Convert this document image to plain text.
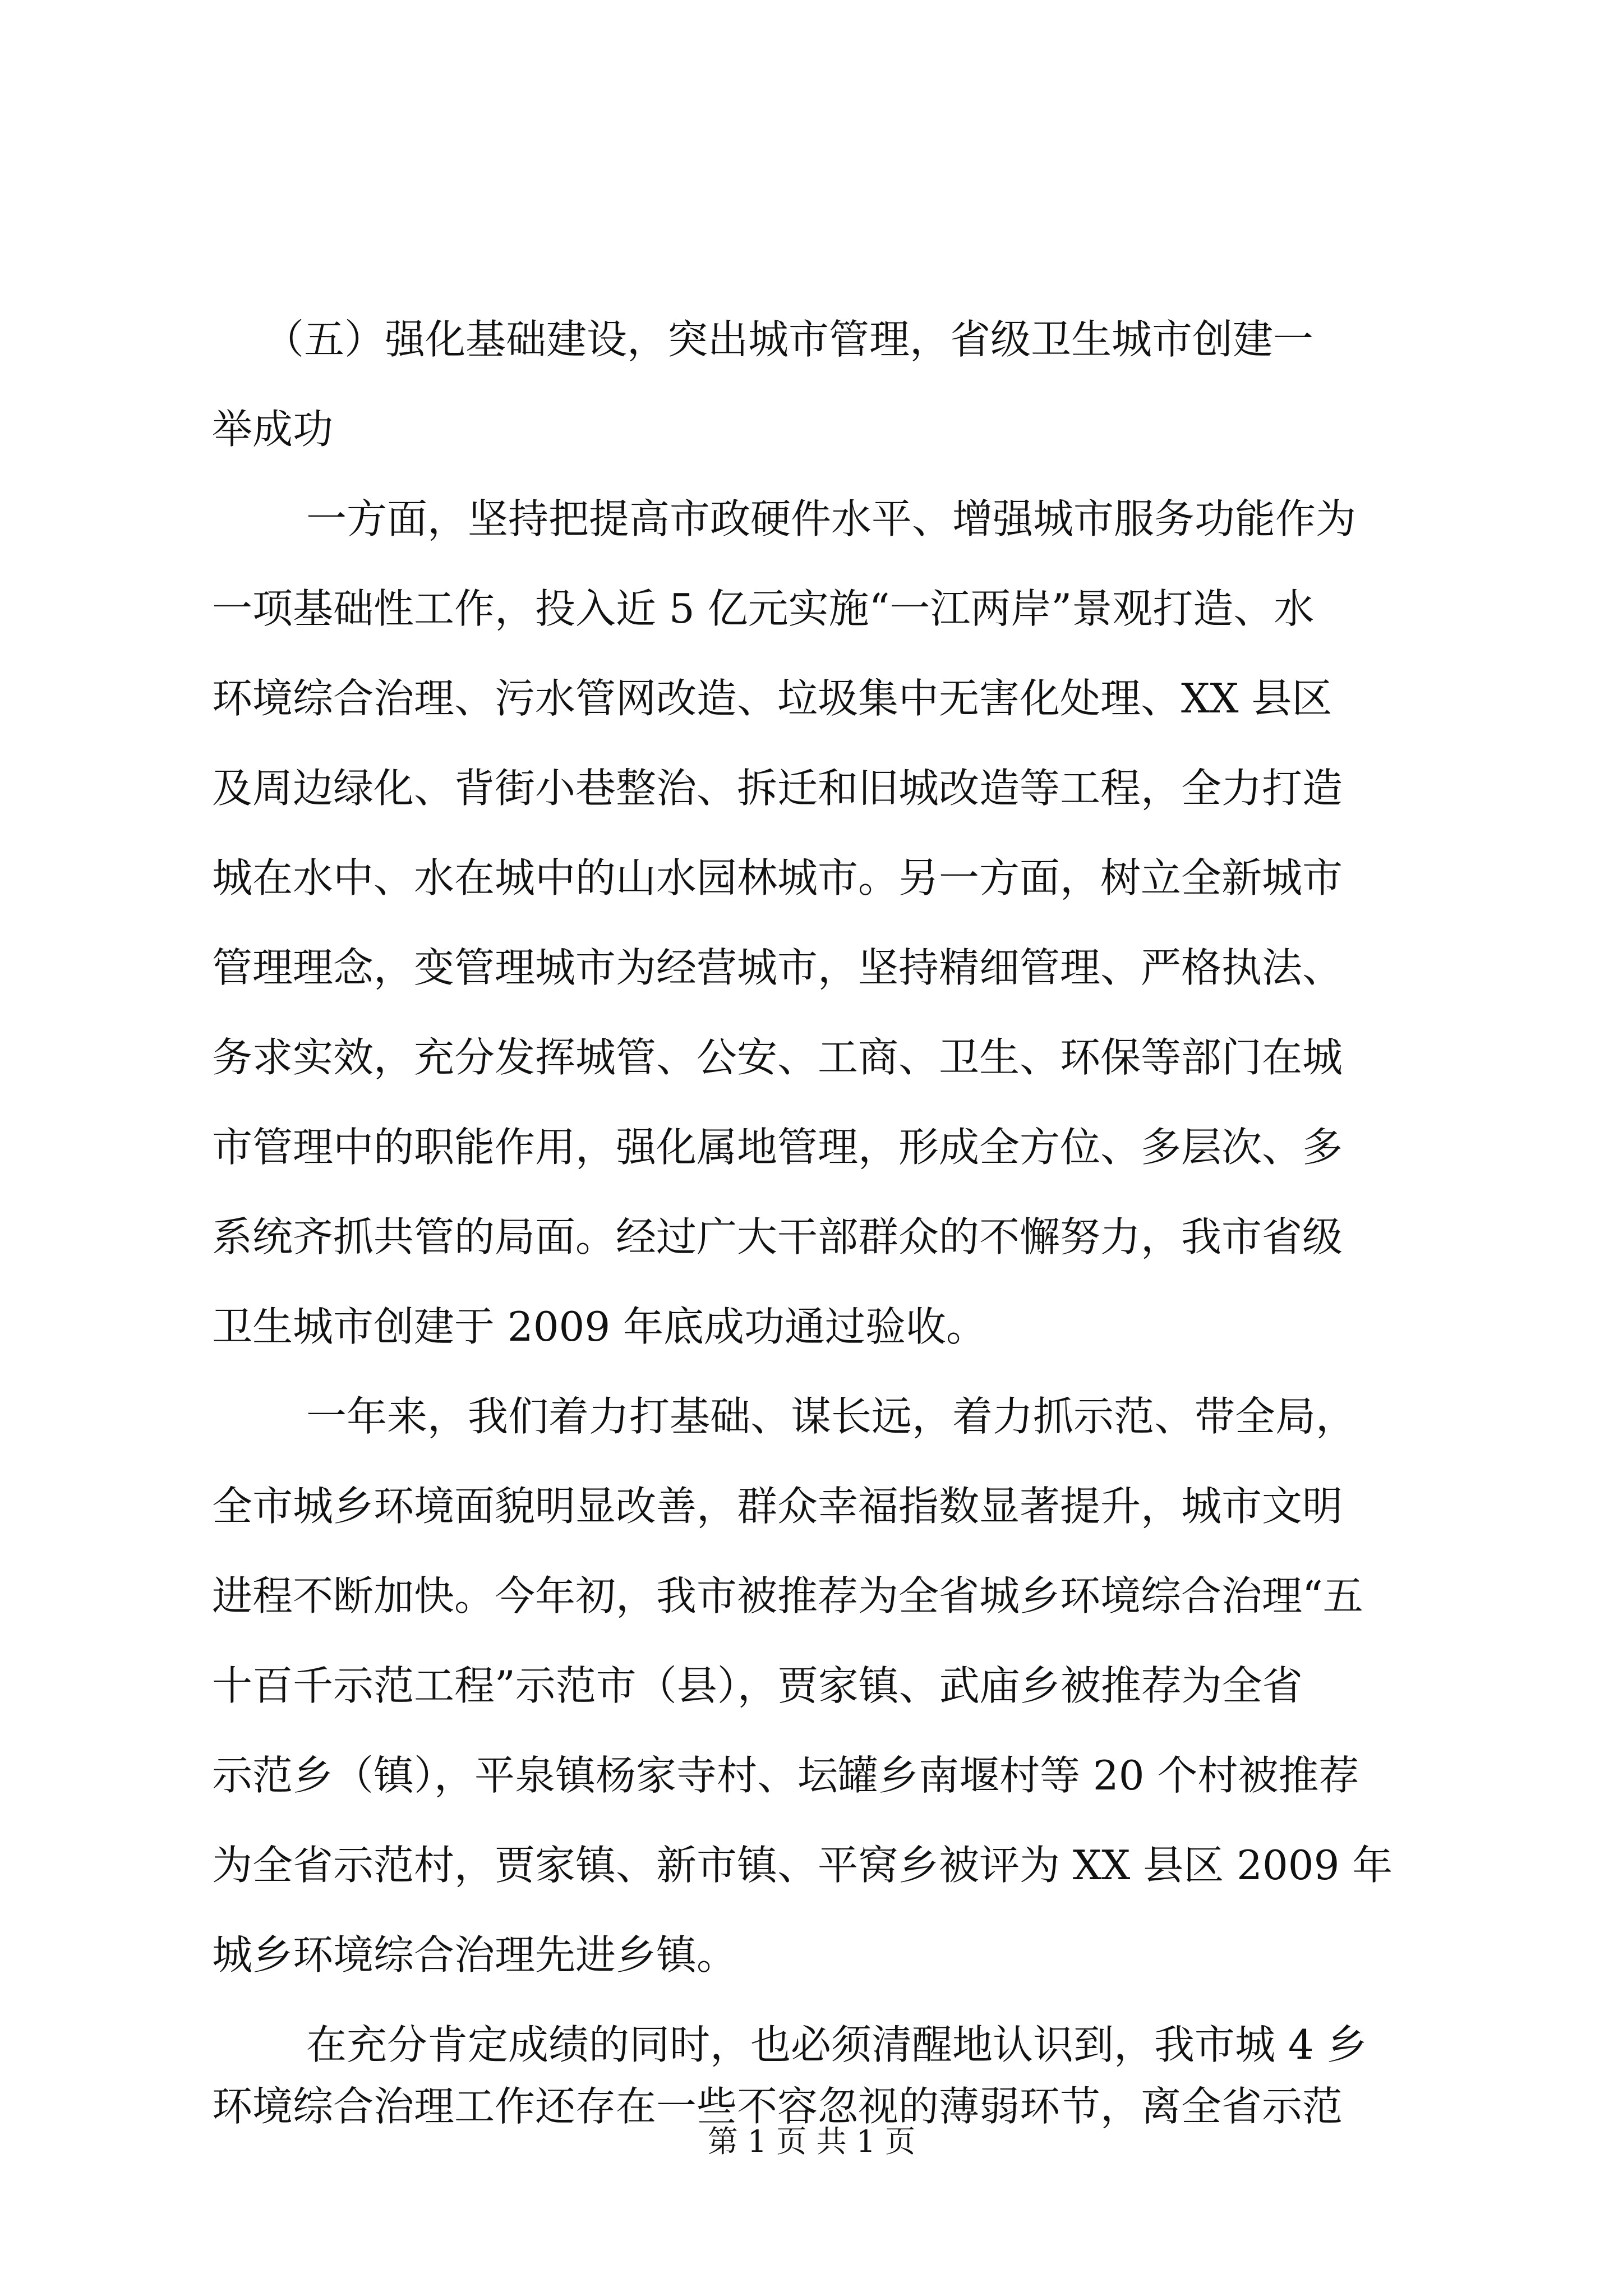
（五）强化基础建设，突出城市管理，省级卫生城市创建一
举成功
一方面，坚持把提高市政硬件水平、增强城市服务功能作为
一项基础性工作，投入近 5 亿元实施“一江两岸”景观打造、水
环境综合治理、污水管网改造、垃圾集中无害化处理、XX 县区
及周边绿化、背街小巷整治、拆迁和旧城改造等工程，全力打造
城在水中、水在城中的山水园林城市。另一方面，树立全新城市
管理理念，变管理城市为经营城市，坚持精细管理、严格执法、
务求实效，充分发挥城管、公安、工商、卫生、环保等部门在城
市管理中的职能作用，强化属地管理，形成全方位、多层次、多
系统齐抓共管的局面。经过广大干部群众的不懈努力，我市省级
卫生城市创建于 2009 年底成功通过验收。
一年来，我们着力打基础、谋长远，着力抓示范、带全局，
全市城乡环境面貌明显改善，群众幸福指数显著提升，城市文明
进程不断加快。今年初，我市被推荐为全省城乡环境综合治理“五
十百千示范工程”示范市（县），贾家镇、武庙乡被推荐为全省
示范乡（镇），平泉镇杨家寺村、坛罐乡南堰村等 20 个村被推荐
为全省示范村，贾家镇、新市镇、平窝乡被评为 XX 县区 2009 年
城乡环境综合治理先进乡镇。
在充分肯定成绩的同时，也必须清醒地认识到，我市城 4 乡
环境综合治理工作还存在一些不容忽视的薄弱环节，离全省示范
第 1 页 共 1 页
